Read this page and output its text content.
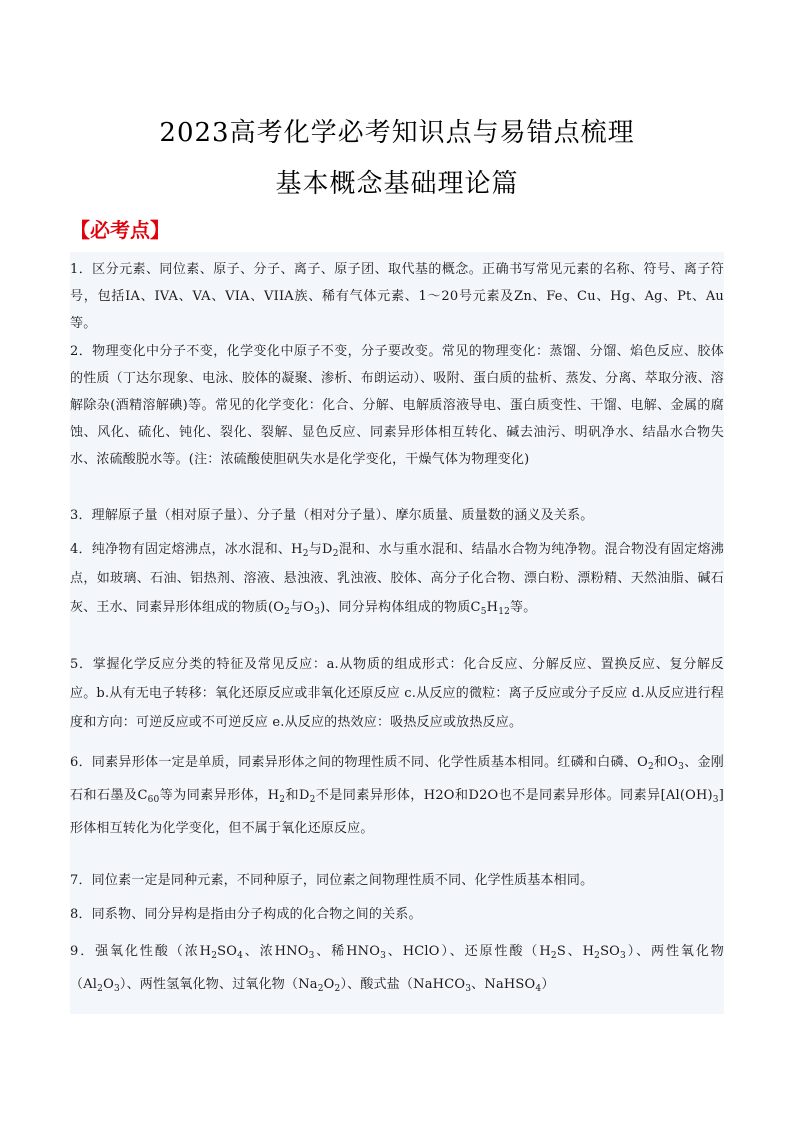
2023高考化学必考知识点与易错点梳理
基本概念基础理论篇
【必考点】
1．区分元素、同位素、原子、分子、离子、原子团、取代基的概念。正确书写常见元素的名称、符号、离子符号，包括IA、IVA、VA、VIA、VIIA族、稀有气体元素、1～20号元素及Zn、Fe、Cu、Hg、Ag、Pt、Au等。
2．物理变化中分子不变，化学变化中原子不变，分子要改变。常见的物理变化：蒸馏、分馏、焰色反应、胶体的性质（丁达尔现象、电泳、胶体的凝聚、渗析、布朗运动）、吸附、蛋白质的盐析、蒸发、分离、萃取分液、溶解除杂(酒精溶解碘)等。常见的化学变化：化合、分解、电解质溶液导电、蛋白质变性、干馏、电解、金属的腐蚀、风化、硫化、钝化、裂化、裂解、显色反应、同素异形体相互转化、碱去油污、明矾净水、结晶水合物失水、浓硫酸脱水等。(注：浓硫酸使胆矾失水是化学变化，干燥气体为物理变化)
3．理解原子量（相对原子量）、分子量（相对分子量）、摩尔质量、质量数的涵义及关系。
4．纯净物有固定熔沸点，冰水混和、$H_2$与$D_2$混和、水与重水混和、结晶水合物为纯净物。混合物没有固定熔沸点，如玻璃、石油、铝热剂、溶液、悬浊液、乳浊液、胶体、高分子化合物、漂白粉、漂粉精、天然油脂、碱石灰、王水、同素异形体组成的物质($O_2$与$O_3$)、同分异构体组成的物质$C_5H_{12}$等。
5．掌握化学反应分类的特征及常见反应：a.从物质的组成形式：化合反应、分解反应、置换反应、复分解反应。b.从有无电子转移：氧化还原反应或非氧化还原反应 c.从反应的微粒：离子反应或分子反应 d.从反应进行程度和方向：可逆反应或不可逆反应 e.从反应的热效应：吸热反应或放热反应。
6．同素异形体一定是单质，同素异形体之间的物理性质不同、化学性质基本相同。红磷和白磷、$O_2$和$O_3$、金刚石和石墨及$C_{60}$等为同素异形体，$H_2$和$D_2$不是同素异形体，H2O和D2O也不是同素异形体。同素异$[Al(OH)_3]$形体相互转化为化学变化，但不属于氧化还原反应。
7．同位素一定是同种元素，不同种原子，同位素之间物理性质不同、化学性质基本相同。
8．同系物、同分异构是指由分子构成的化合物之间的关系。
9．强氧化性酸（浓$H_2SO_4$、浓$HNO_3$、稀$HNO_3$、HClO）、还原性酸（$H_2S$、$H_2SO_3$）、两性氧化物$(Al_2O_3)$、两性氢氧化物、过氧化物$(Na_2O_2)$、酸式盐（NaHCO$_3$、NaHSO$_4$）
